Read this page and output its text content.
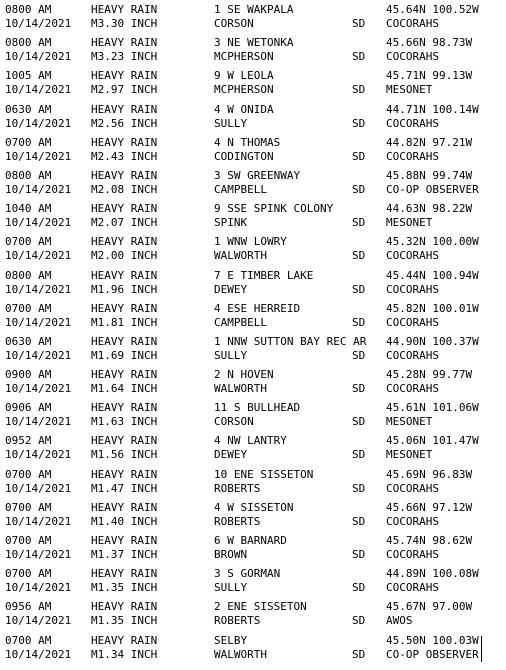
0800 AM	HEAVY RAIN	1 SE WAKPALA	45.64N 100.52W
10/14/2021 M3.30 INCH	CORSON	SD COCORAHS
0800 AM	HEAVY RAIN	3 NE WETONKA	45.66N 98.73W
10/14/2021 M3.23 INCH	MCPHERSON	SD COCORAHS
1005 AM	HEAVY RAIN	9 W LEOLA	45.71N 99.13W
10/14/2021 M2.97 INCH	MCPHERSON	SD MESONET
0630 AM	HEAVY RAIN	4 W ONIDA	44.71N 100.14W
10/14/2021 M2.56 INCH	SULLY	SD COCORAHS
0700 AM	HEAVY RAIN	4 N THOMAS	44.82N 97.21W
10/14/2021 M2.43 INCH	CODINGTON	SD COCORAHS
0800 AM	HEAVY RAIN	3 SW GREENWAY	45.88N 99.74W
10/14/2021 M2.08 INCH	CAMPBELL	SD CO-OP OBSERVER
1040 AM	HEAVY RAIN	9 SSE SPINK COLONY	44.63N 98.22W
10/14/2021 M2.07 INCH	SPINK	SD MESONET
0700 AM	HEAVY RAIN	1 WNW LOWRY	45.32N 100.00W
10/14/2021 M2.00 INCH	WALWORTH	SD COCORAHS
0800 AM	HEAVY RAIN	7 E TIMBER LAKE	45.44N 100.94W
10/14/2021 M1.96 INCH	DEWEY	SD COCORAHS
0700 AM	HEAVY RAIN	4 ESE HERREID	45.82N 100.01W
10/14/2021 M1.81 INCH	CAMPBELL	SD COCORAHS
0630 AM	HEAVY RAIN	1 NNW SUTTON BAY REC AR 44.90N 100.37W
10/14/2021 M1.69 INCH	SULLY	SD COCORAHS
0900 AM	HEAVY RAIN	2 N HOVEN	45.28N 99.77W
10/14/2021 M1.64 INCH	WALWORTH	SD COCORAHS
0906 AM	HEAVY RAIN	11 S BULLHEAD	45.61N 101.06W
10/14/2021 M1.63 INCH	CORSON	SD MESONET
0952 AM	HEAVY RAIN	4 NW LANTRY	45.06N 101.47W
10/14/2021 M1.56 INCH	DEWEY	SD MESONET
0700 AM	HEAVY RAIN	10 ENE SISSETON	45.69N 96.83W
10/14/2021 M1.47 INCH	ROBERTS	SD COCORAHS
0700 AM	HEAVY RAIN	4 W SISSETON	45.66N 97.12W
10/14/2021 M1.40 INCH	ROBERTS	SD COCORAHS
0700 AM	HEAVY RAIN	6 W BARNARD	45.74N 98.62W
10/14/2021 M1.37 INCH	BROWN	SD COCORAHS
0700 AM	HEAVY RAIN	3 S GORMAN	44.89N 100.08W
10/14/2021 M1.35 INCH	SULLY	SD COCORAHS
0956 AM	HEAVY RAIN	2 ENE SISSETON	45.67N 97.00W
10/14/2021 M1.35 INCH	ROBERTS	SD AWOS
0700 AM	HEAVY RAIN	SELBY	45.50N 100.03W
10/14/2021 M1.34 INCH	WALWORTH	SD CO-OP OBSERVER
